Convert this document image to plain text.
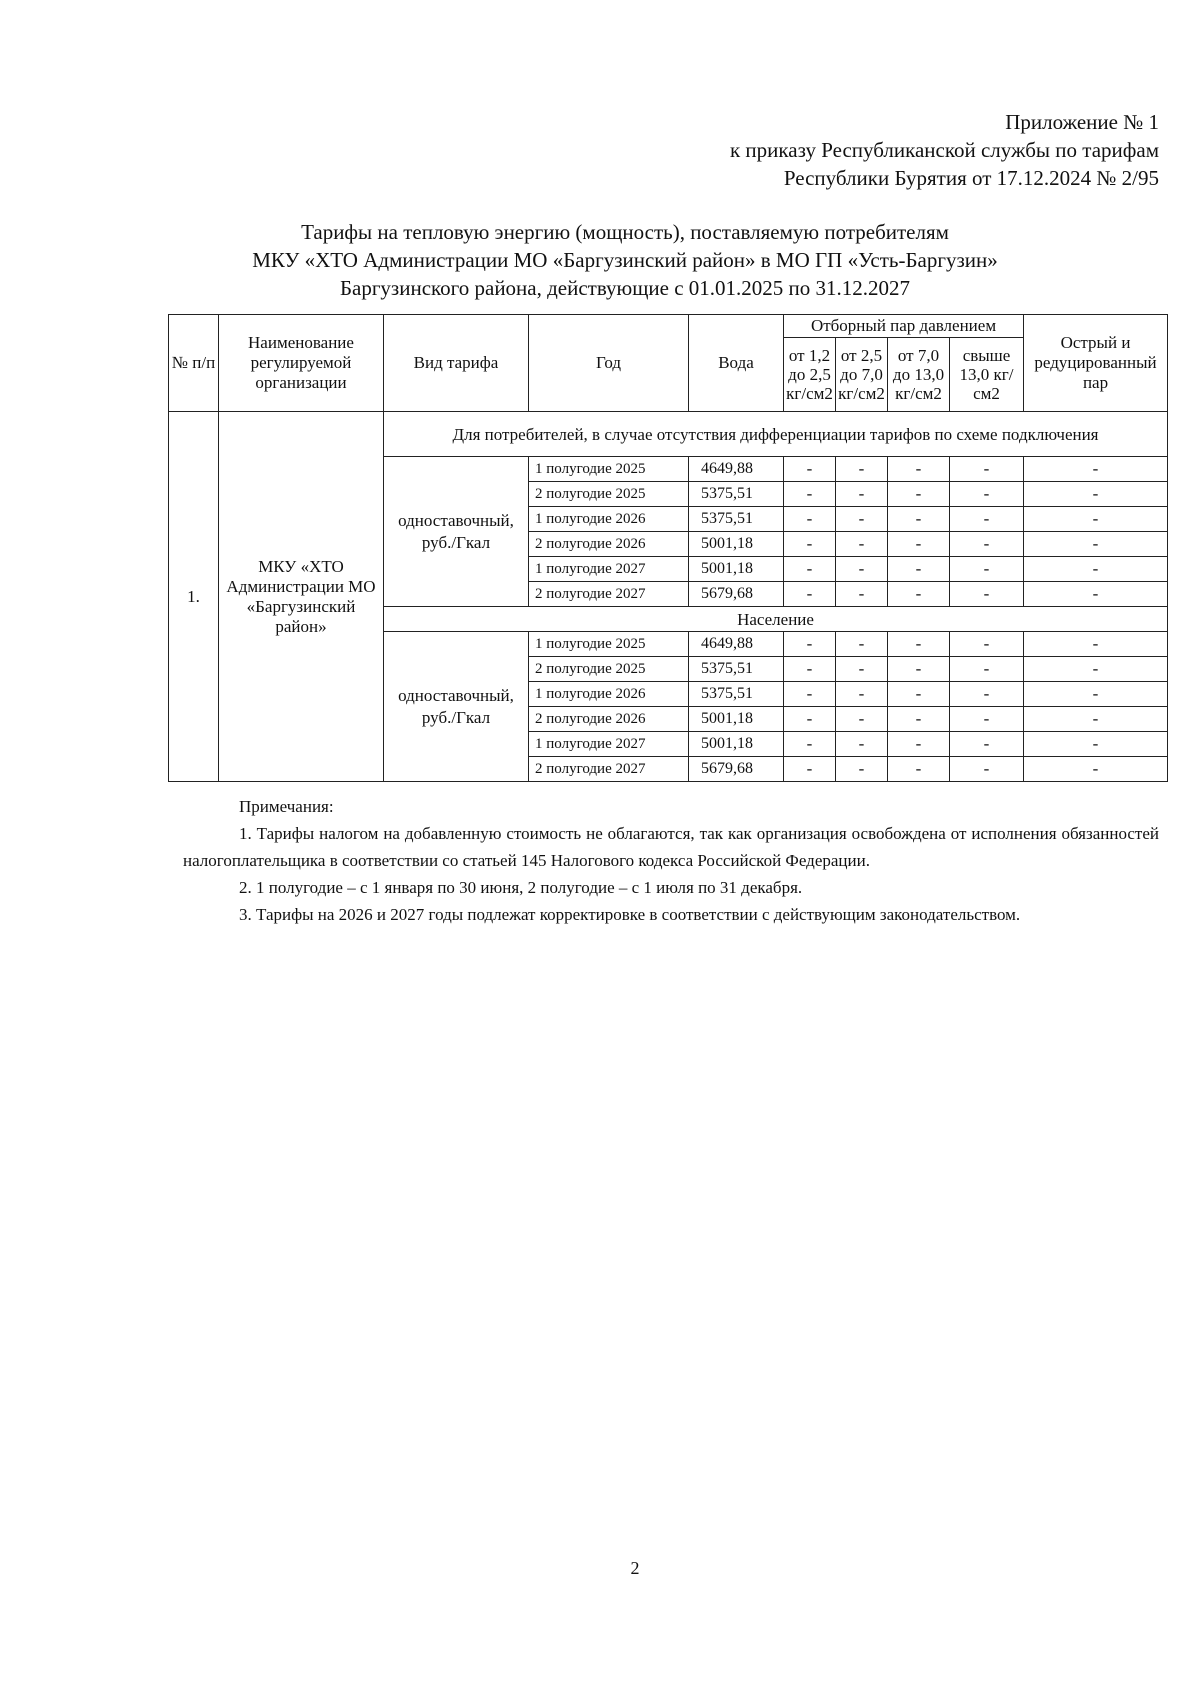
Приложение № 1
к приказу Республиканской службы по тарифам
Республики Бурятия от 17.12.2024 № 2/95
Тарифы на тепловую энергию (мощность), поставляемую потребителям
МКУ «ХТО Администрации МО «Баргузинский район» в МО ГП «Усть-Баргузин»
Баргузинского района, действующие с 01.01.2025 по 31.12.2027
№ п/п	Наименование регулируемой организации	Вид тарифа	Год	Вода	Отборный пар давлением				Острый и редуцированный пар
					от 1,2 до 2,5 кг/см2	от 2,5 до 7,0 кг/см2	от 7,0 до 13,0 кг/см2	свыше 13,0 кг/см2	
1.	МКУ «ХТО Администрации МО «Баргузинский район»	Для потребителей, в случае отсутствия дифференциации тарифов по схеме подключения							
		одноставочный, руб./Гкал	1 полугодие 2025	4649,88	-	-	-	-	-
			2 полугодие 2025	5375,51	-	-	-	-	-
			1 полугодие 2026	5375,51	-	-	-	-	-
			2 полугодие 2026	5001,18	-	-	-	-	-
			1 полугодие 2027	5001,18	-	-	-	-	-
			2 полугодие 2027	5679,68	-	-	-	-	-
		Население							
		одноставочный, руб./Гкал	1 полугодие 2025	4649,88	-	-	-	-	-
			2 полугодие 2025	5375,51	-	-	-	-	-
			1 полугодие 2026	5375,51	-	-	-	-	-
			2 полугодие 2026	5001,18	-	-	-	-	-
			1 полугодие 2027	5001,18	-	-	-	-	-
			2 полугодие 2027	5679,68	-	-	-	-	-
Примечания:

1. Тарифы налогом на добавленную стоимость не облагаются, так как организация освобождена от исполнения обязанностей налогоплательщика в соответствии со статьей 145 Налогового кодекса Российской Федерации.

2. 1 полугодие – с 1 января по 30 июня, 2 полугодие – с 1 июля по 31 декабря.

3. Тарифы на 2026 и 2027 годы подлежат корректировке в соответствии с действующим законодательством.

2
